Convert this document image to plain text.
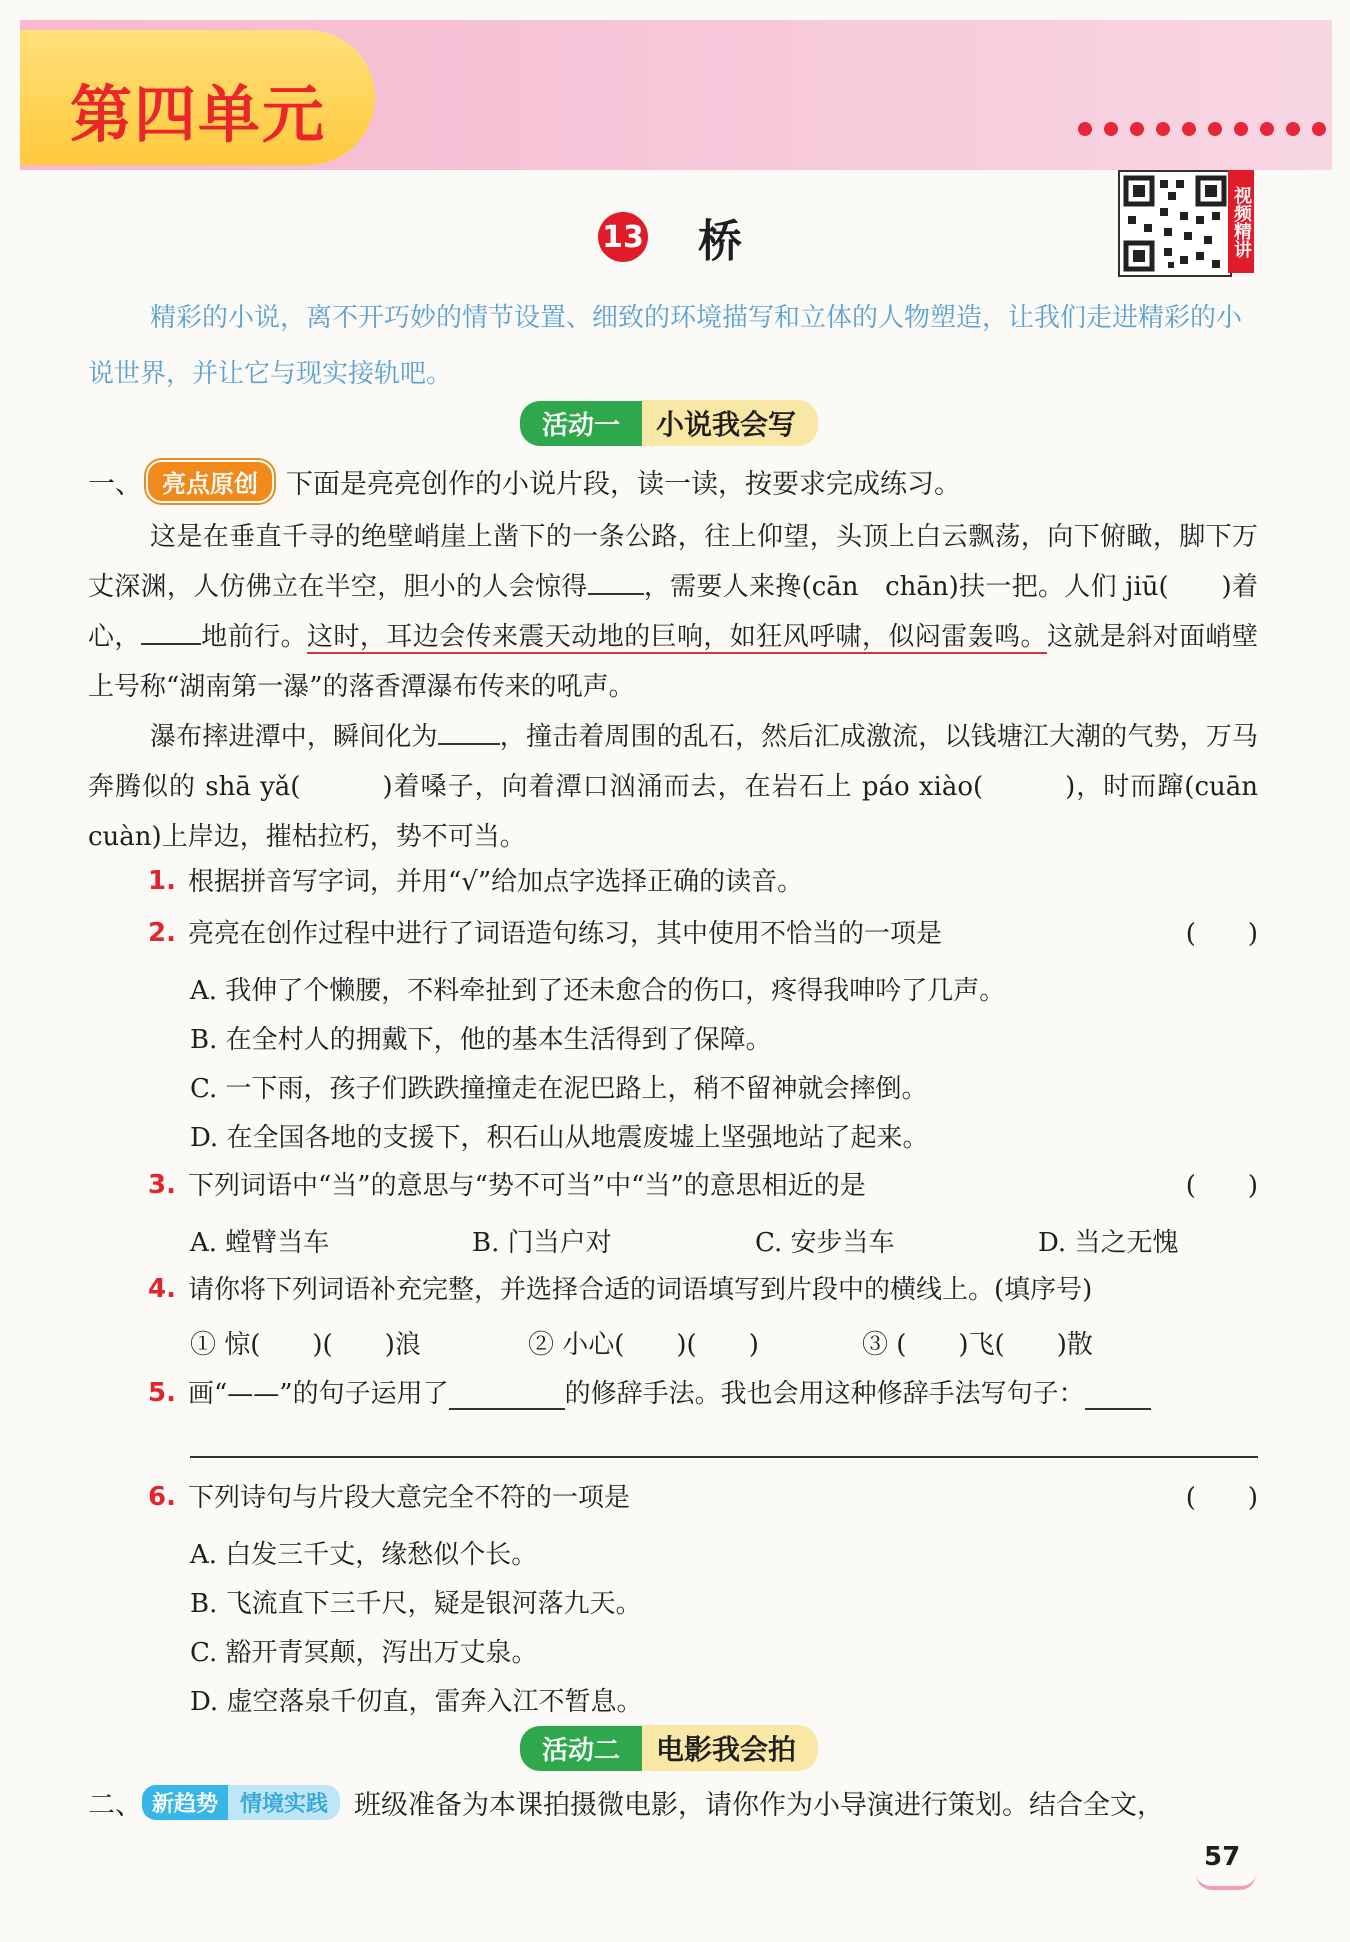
第四单元
13 桥	视频精讲
精彩的小说，离不开巧妙的情节设置、细致的环境描写和立体的人物塑造，让我们走进精彩的小说世界，并让它与现实接轨吧。
活动一	小说我会写
一、 亮点原创	下面是亮亮创作的小说片段，读一读，按要求完成练习。

这是在垂直千寻的绝壁峭崖上凿下的一条公路，往上仰望，头顶上白云飘荡，向下俯瞰，脚下万丈深渊，人仿佛立在半空，胆小的人会惊得 ，需要人来搀(cān　chān)扶一把。人们 jiū(　　)着心， 地前行。这时，耳边会传来震天动地的巨响，如狂风呼啸，似闷雷轰鸣。这就是斜对面峭壁上号称“湖南第一瀑”的落香潭瀑布传来的吼声。

瀑布摔进潭中，瞬间化为 ，撞击着周围的乱石，然后汇成激流，以钱塘江大潮的气势，万马奔腾似的 shā yǎ(　　　)着嗓子，向着潭口汹涌而去，在岩石上 páo xiào(　　　)，时而蹿(cuān　cuàn)上岸边，摧枯拉朽，势不可当。

1. 根据拼音写字词，并用“√”给加点字选择正确的读音。
2. 亮亮在创作过程中进行了词语造句练习，其中使用不恰当的一项是	(　　)
A. 我伸了个懒腰，不料牵扯到了还未愈合的伤口，疼得我呻吟了几声。
B. 在全村人的拥戴下，他的基本生活得到了保障。
C. 一下雨，孩子们跌跌撞撞走在泥巴路上，稍不留神就会摔倒。
D. 在全国各地的支援下，积石山从地震废墟上坚强地站了起来。
3. 下列词语中“当”的意思与“势不可当”中“当”的意思相近的是	(　　)
A. 螳臂当车	B. 门当户对	C. 安步当车	D. 当之无愧
4. 请你将下列词语补充完整，并选择合适的词语填写到片段中的横线上。(填序号)
① 惊(　　)(　　)浪	② 小心(　　)(　　)	③ (　　)飞(　　)散
5. 画“——”的句子运用了	的修辞手法。我也会用这种修辞手法写句子：
6. 下列诗句与片段大意完全不符的一项是	(　　)
A. 白发三千丈，缘愁似个长。
B. 飞流直下三千尺，疑是银河落九天。
C. 豁开青冥颠，泻出万丈泉。
D. 虚空落泉千仞直，雷奔入江不暂息。
活动二	电影我会拍
二、 新趋势	情境实践 班级准备为本课拍摄微电影，请你作为小导演进行策划。结合全文，
57
